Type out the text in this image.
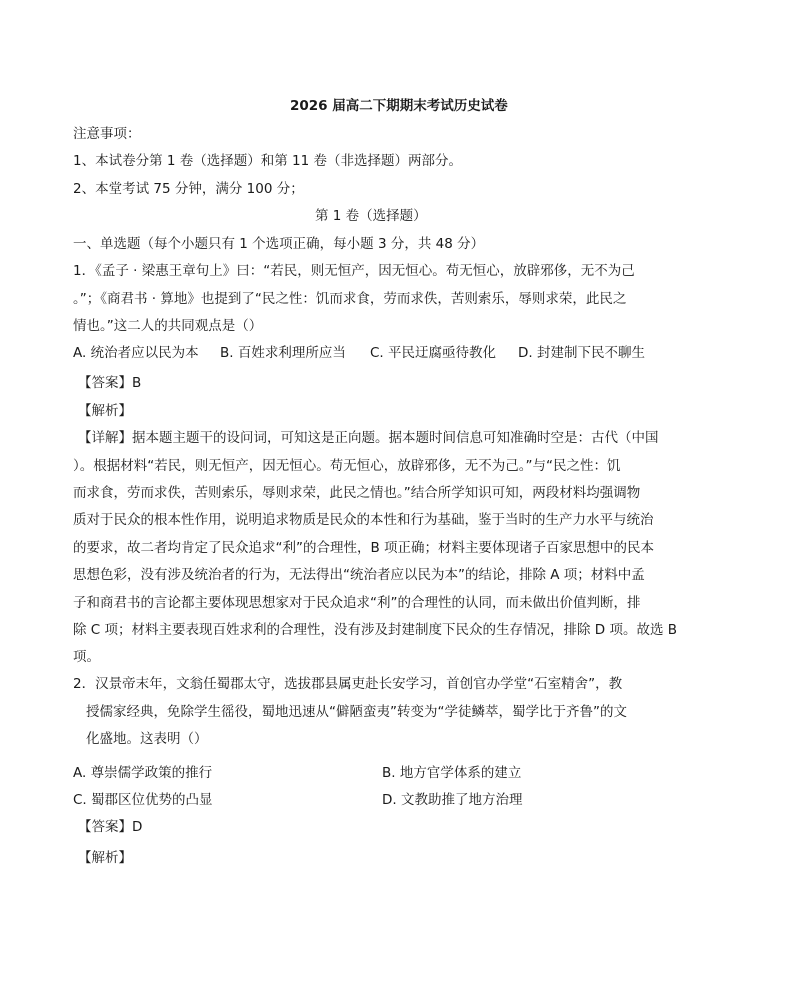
2026 届高二下期期末考试历史试卷
注意事项：
1、本试卷分第 1 卷（选择题）和第 11 卷（非选择题）两部分。
2、本堂考试 75 分钟，满分 100 分；
第 1 卷（选择题）
一、单选题（每个小题只有 1 个选项正确，每小题 3 分，共 48 分）
1．《孟子 · 梁惠王章句上》曰：“若民，则无恒产，因无恒心。苟无恒心，放辟邪侈，无不为己
。”；《商君书 · 算地》也提到了“民之性：饥而求食，劳而求佚，苦则索乐，辱则求荣，此民之
情也。”这二人的共同观点是（）
A. 统治者应以民为本 B. 百姓求利理所应当 C. 平民迂腐亟待教化 D. 封建制下民不聊生
【答案】B
【解析】
【详解】据本题主题干的设问词，可知这是正向题。据本题时间信息可知准确时空是：古代（中国
）。根据材料“若民，则无恒产，因无恒心。苟无恒心，放辟邪侈，无不为己。”与“民之性：饥
而求食，劳而求佚，苦则索乐，辱则求荣，此民之情也。”结合所学知识可知，两段材料均强调物
质对于民众的根本性作用，说明追求物质是民众的本性和行为基础，鉴于当时的生产力水平与统治
的要求，故二者均肯定了民众追求“利”的合理性，B 项正确；材料主要体现诸子百家思想中的民本
思想色彩，没有涉及统治者的行为，无法得出“统治者应以民为本”的结论，排除 A 项；材料中孟
子和商君书的言论都主要体现思想家对于民众追求“利”的合理性的认同，而未做出价值判断，排
除 C 项；材料主要表现百姓求利的合理性，没有涉及封建制度下民众的生存情况，排除 D 项。故选 B
项。
2．汉景帝末年，文翁任蜀郡太守，选拔郡县属吏赴长安学习，首创官办学堂“石室精舍”，教
授儒家经典，免除学生徭役，蜀地迅速从“僻陋蛮夷”转变为“学徒鳞萃，蜀学比于齐鲁”的文
化盛地。这表明（）
A. 尊崇儒学政策的推行	B. 地方官学体系的建立
C. 蜀郡区位优势的凸显	D. 文教助推了地方治理
【答案】D
【解析】
